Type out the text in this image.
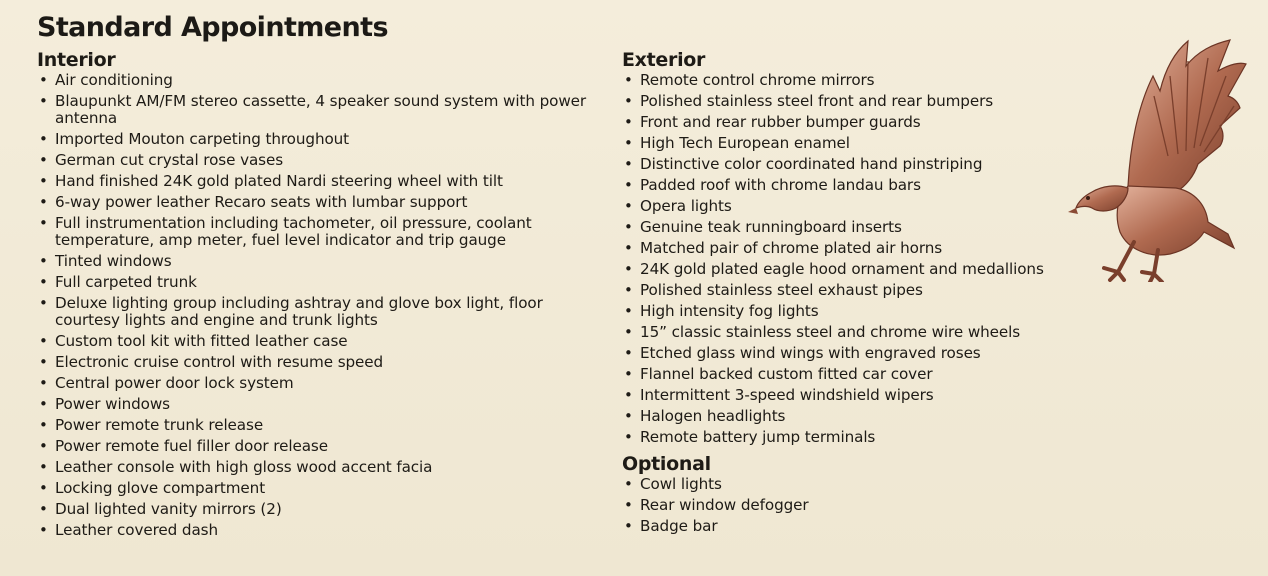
Standard Appointments
Interior
• Air conditioning
• Blaupunkt AM/FM stereo cassette, 4 speaker sound system with power antenna
• Imported Mouton carpeting throughout
• German cut crystal rose vases
• Hand finished 24K gold plated Nardi steering wheel with tilt
• 6-way power leather Recaro seats with lumbar support
• Full instrumentation including tachometer, oil pressure, coolant temperature, amp meter, fuel level indicator and trip gauge
• Tinted windows
• Full carpeted trunk
• Deluxe lighting group including ashtray and glove box light, floor courtesy lights and engine and trunk lights
• Custom tool kit with fitted leather case
• Electronic cruise control with resume speed
• Central power door lock system
• Power windows
• Power remote trunk release
• Power remote fuel filler door release
• Leather console with high gloss wood accent facia
• Locking glove compartment
• Dual lighted vanity mirrors (2)
• Leather covered dash
Exterior
• Remote control chrome mirrors
• Polished stainless steel front and rear bumpers
• Front and rear rubber bumper guards
• High Tech European enamel
• Distinctive color coordinated hand pinstriping
• Padded roof with chrome landau bars
• Opera lights
• Genuine teak runningboard inserts
• Matched pair of chrome plated air horns
• 24K gold plated eagle hood ornament and medallions
• Polished stainless steel exhaust pipes
• High intensity fog lights
• 15” classic stainless steel and chrome wire wheels
• Etched glass wind wings with engraved roses
• Flannel backed custom fitted car cover
• Intermittent 3-speed windshield wipers
• Halogen headlights
• Remote battery jump terminals
Optional
• Cowl lights
• Rear window defogger
• Badge bar
